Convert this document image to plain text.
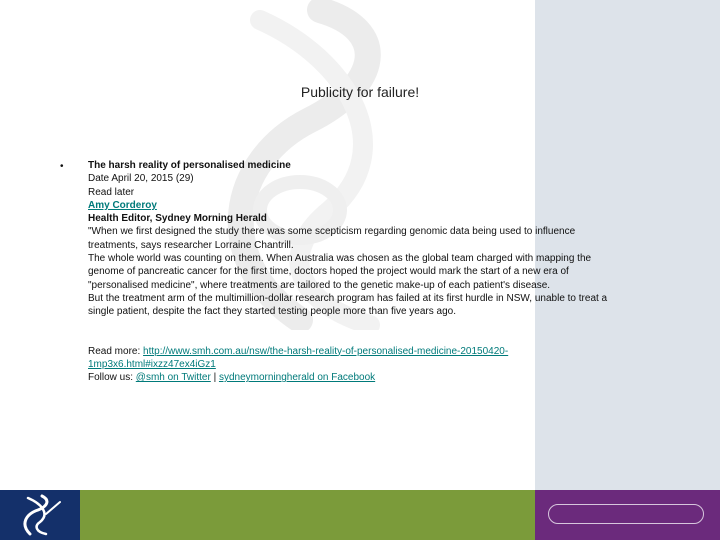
Publicity for failure!
• The harsh reality of personalised medicine
Date April 20, 2015 (29)
Read later
Amy Corderoy
Health Editor, Sydney Morning Herald
"When we first designed the study there was some scepticism regarding genomic data being used to influence
treatments, says researcher Lorraine Chantrill.
The whole world was counting on them. When Australia was chosen as the global team charged with mapping the
genome of pancreatic cancer for the first time, doctors hoped the project would mark the start of a new era of
"personalised medicine", where treatments are tailored to the genetic make-up of each patient's disease.
But the treatment arm of the multimillion-dollar research program has failed at its first hurdle in NSW, unable to treat a
single patient, despite the fact they started testing people more than five years ago.
Read more: http://www.smh.com.au/nsw/the-harsh-reality-of-personalised-medicine-20150420-
1mp3x6.html#ixzz47ex4iGz1
Follow us: @smh on Twitter | sydneymorningherald on Facebook
